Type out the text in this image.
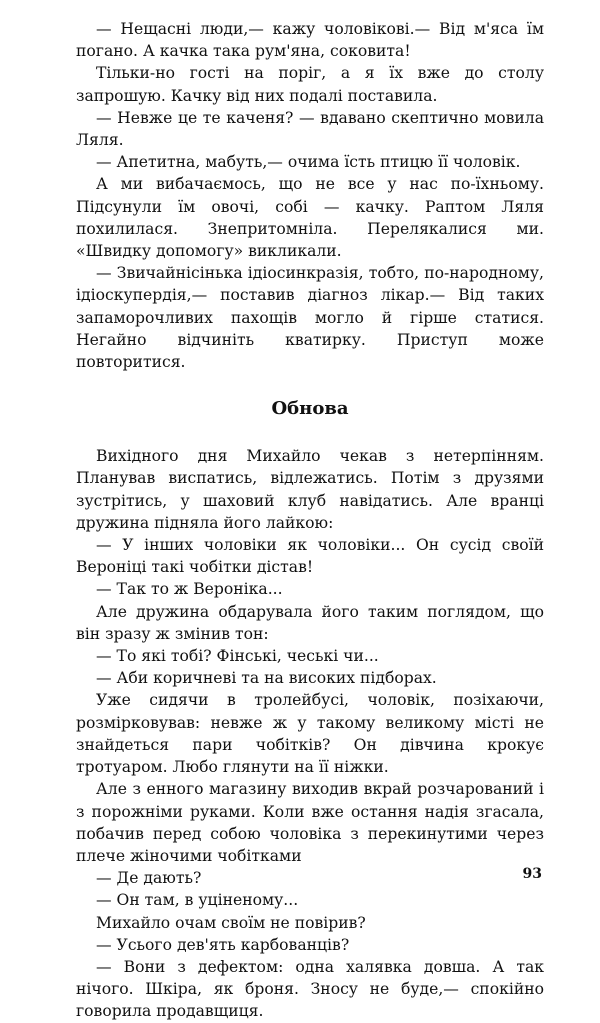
— Нещасні люди,— кажу чоловікові.— Від м'яса їм погано. А качка така рум'яна, соковита!

Тільки-но гості на поріг, а я їх вже до столу запрошую. Качку від них подалі поставила.

— Невже це те каченя? — вдавано скептично мовила Ляля.

— Апетитна, мабуть,— очима їсть птицю її чоловік.

А ми вибачаємось, що не все у нас по-їхньому. Підсунули їм овочі, собі — качку. Раптом Ляля похилилася. Знепритомніла. Перелякалися ми. «Швидку допомогу» викликали.

— Звичайнісінька ідіосинкразія, тобто, по-народному, ідіоскупердія,— поставив діагноз лікар.— Від таких запаморочливих пахощів могло й гірше статися. Негайно відчиніть кватирку. Приступ може повторитися.

Обнова

Вихідного дня Михайло чекав з нетерпінням. Планував виспатись, відлежатись. Потім з друзями зустрітись, у шаховий клуб навідатись. Але вранці дружина підняла його лайкою:

— У інших чоловіки як чоловіки... Он сусід своїй Вероніці такі чобітки дістав!

— Так то ж Вероніка...

Але дружина обдарувала його таким поглядом, що він зразу ж змінив тон:

— То які тобі? Фінські, чеські чи...

— Аби коричневі та на високих підборах.

Уже сидячи в тролейбусі, чоловік, позіхаючи, розмірковував: невже ж у такому великому місті не знайдеться пари чобітків? Он дівчина крокує тротуаром. Любо глянути на її ніжки.

Але з енного магазину виходив вкрай розчарований і з порожніми руками. Коли вже остання надія згасала, побачив перед собою чоловіка з перекинутими через плече жіночими чобітками

— Де дають?

— Он там, в уціненому...

Михайло очам своїм не повірив?

— Усього дев'ять карбованців?

— Вони з дефектом: одна халявка довша. А так нічого. Шкіра, як броня. Зносу не буде,— спокійно говорила продавщиця.

93
